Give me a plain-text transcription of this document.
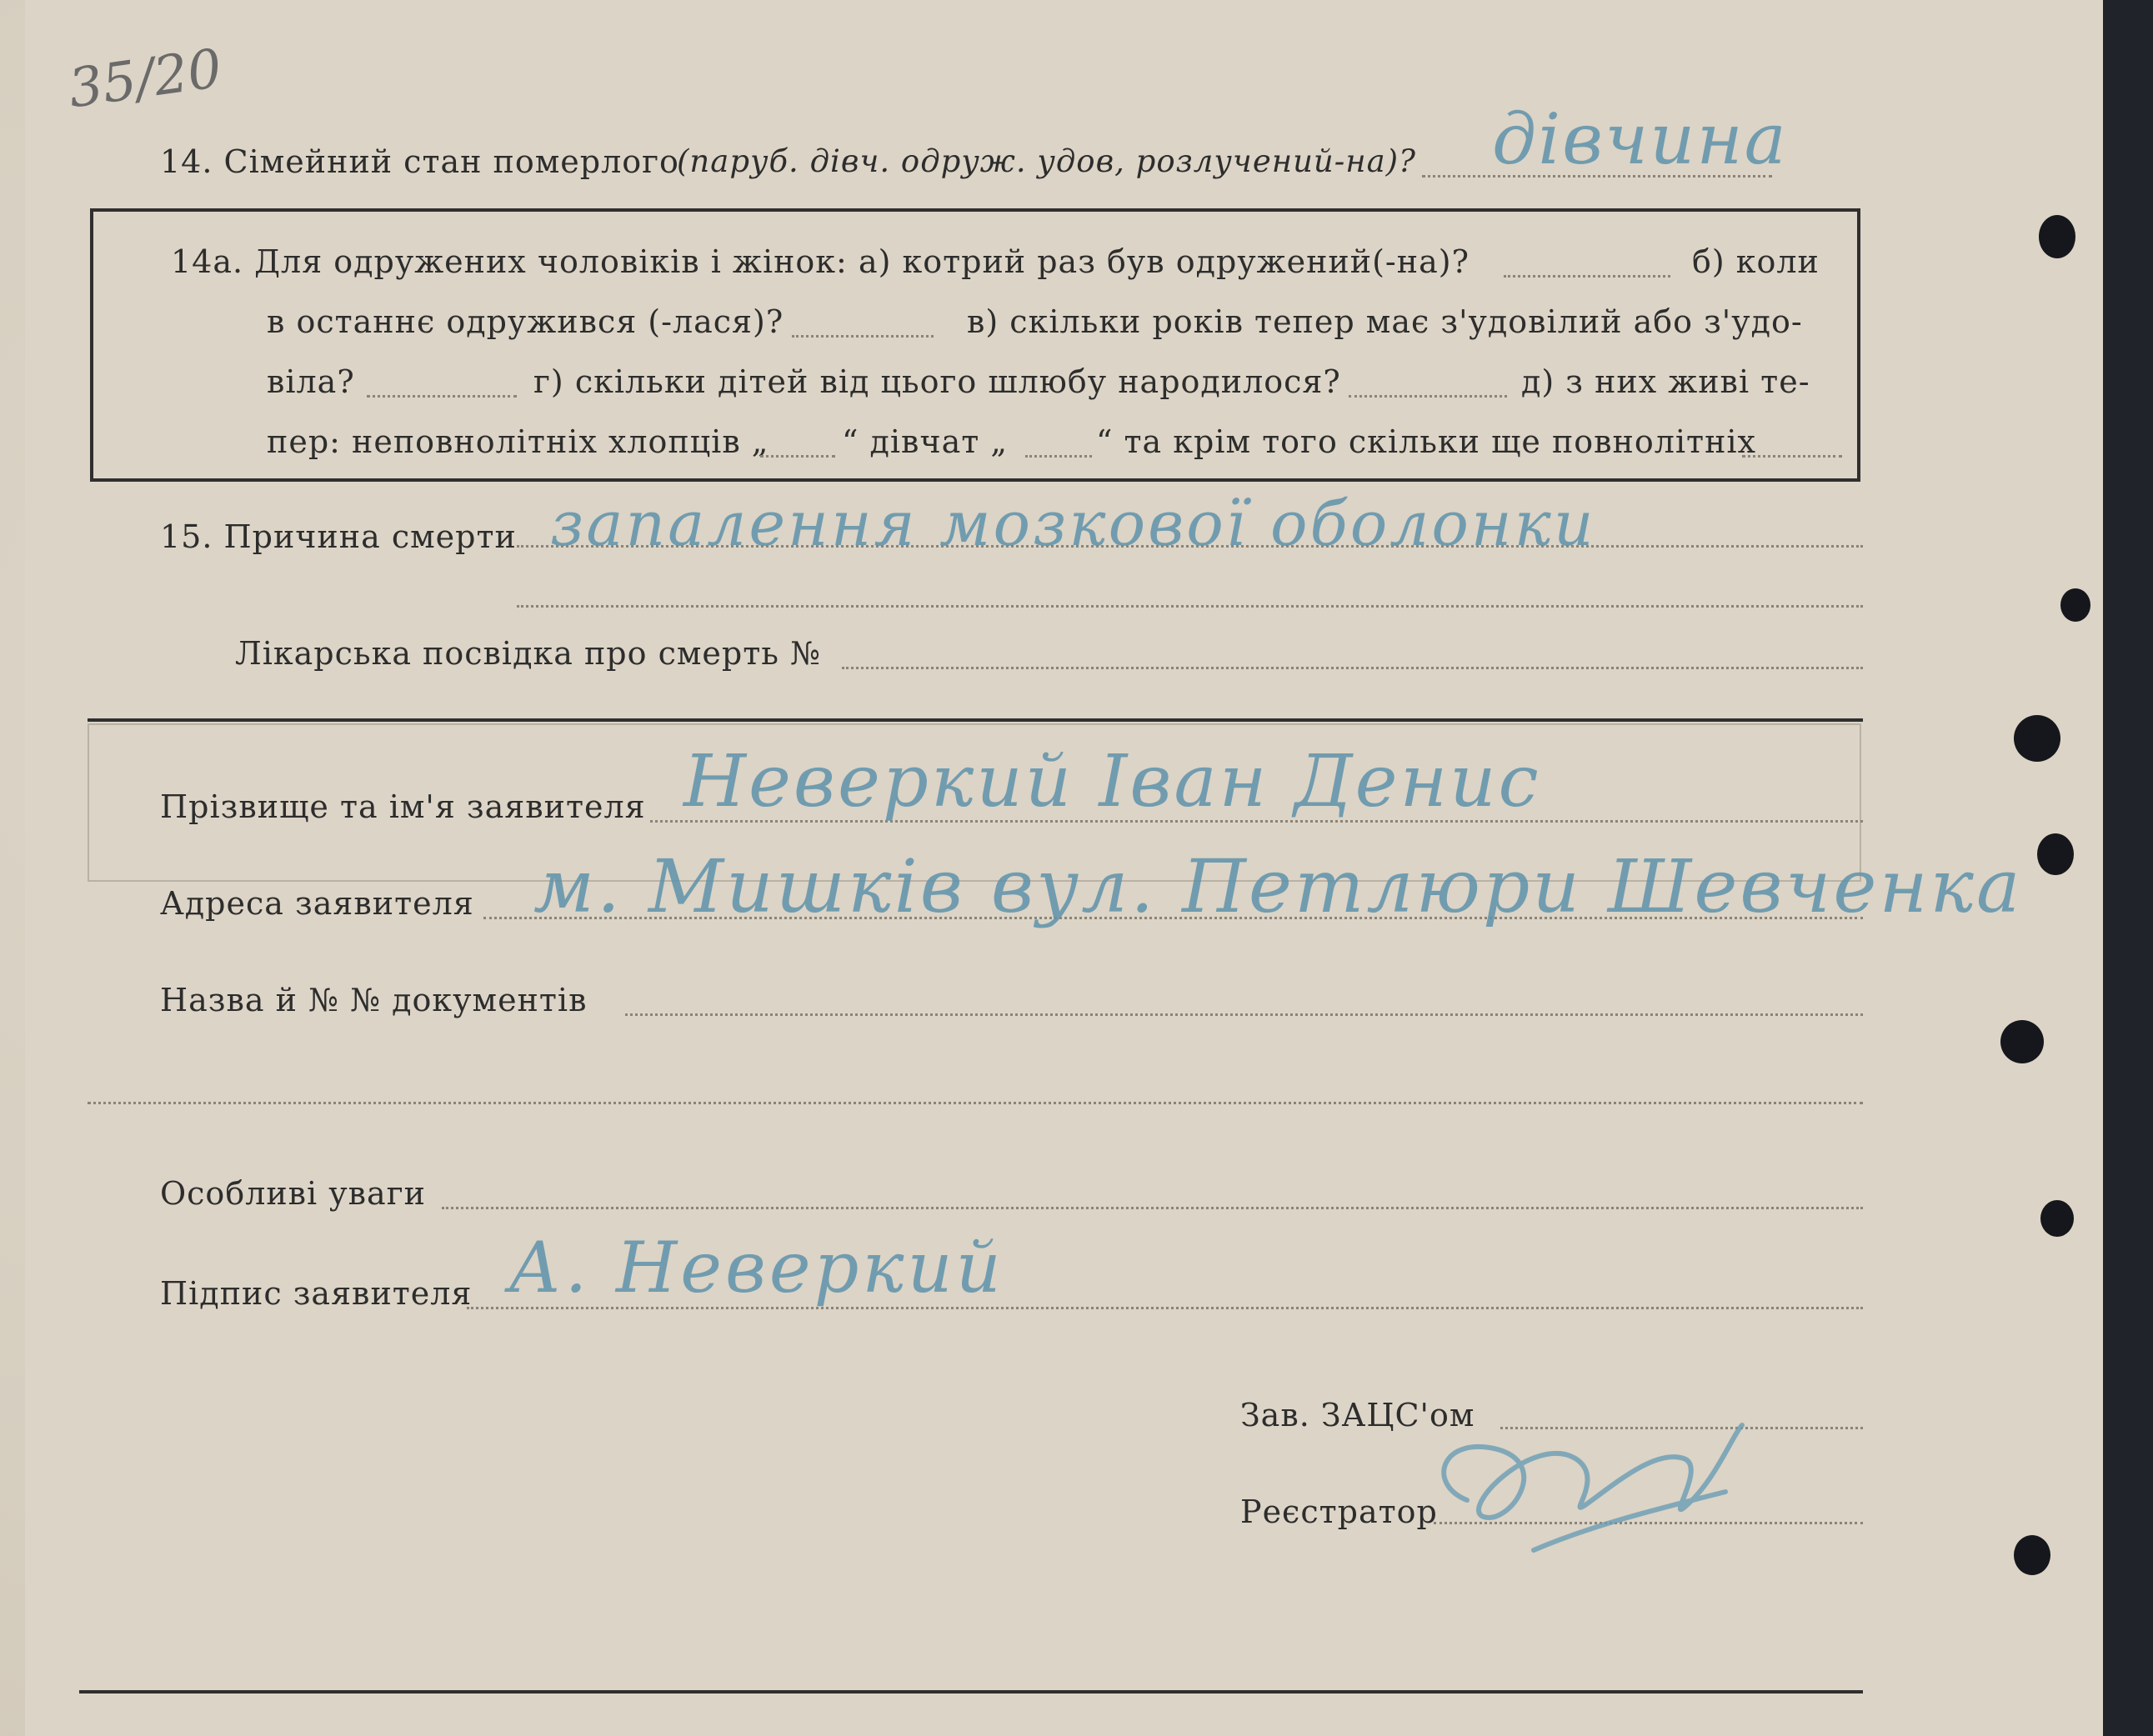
35/20
14. Сімейний стан померлого
(паруб. дівч. одруж. удов, розлучений-на)? дівчина
14а. Для одружених чоловіків і жінок: а) котрий раз був одружений(-на)?	б) коли
в останнє одружився (-лася)?	в) скільки років тепер має з'удовілий або з'удо-
віла?	г) скільки дітей від цього шлюбу народилося?	д) з них живі те-
пер: неповнолітніх хлопців „ “ дівчат „	“ та крім того скільки ще повнолітніх
15. Причина смерти запалення мозкової оболонки
Лікарська посвідка про смерть №
Прізвище та ім'я заявителя Неверкий Іван Денис
Адреса заявителя м. Мишків вул. Петлюри Шевченка
Назва й № № документів
Особливі уваги
Підпис заявителя А. Неверкий
Зав. ЗАЦС'ом
Реєстратор
